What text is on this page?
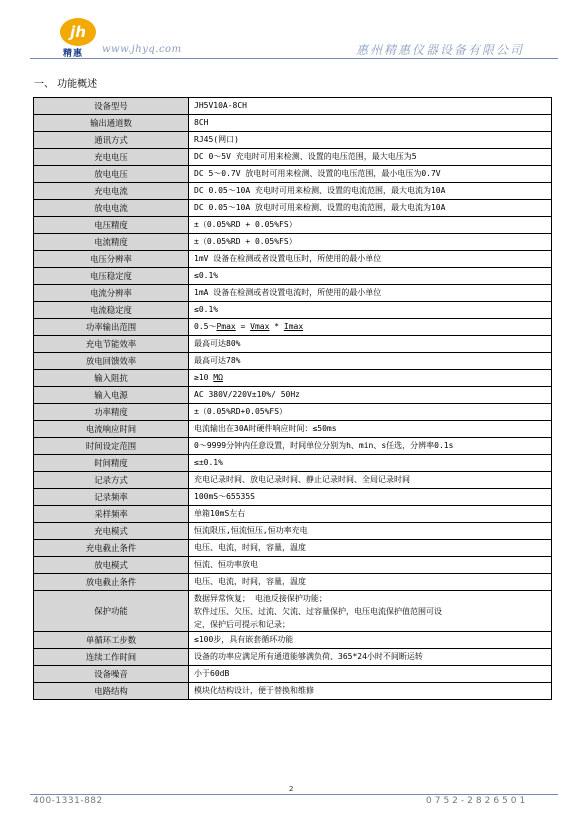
jh
精惠 www.jhyq.com	惠州精惠仪器设备有限公司
一、 功能概述
设备型号	JH5V10A-8CH
输出通道数	8CH
通讯方式	RJ45(网口)
充电电压	DC 0～5V 充电时可用来检测、设置的电压范围，最大电压为5
放电电压	DC 5～0.7V 放电时可用来检测、设置的电压范围，最小电压为0.7V
充电电流	DC 0.05～10A 充电时可用来检测、设置的电流范围，最大电流为10A
放电电流	DC 0.05～10A 放电时可用来检测、设置的电流范围，最大电流为10A
电压精度	±（0.05%RD + 0.05%FS）
电流精度	±（0.05%RD + 0.05%FS）
电压分辨率	1mV 设备在检测或者设置电压时，所使用的最小单位
电压稳定度	≤0.1%
电流分辨率	1mA 设备在检测或者设置电流时，所使用的最小单位
电流稳定度	≤0.1%
功率输出范围	0.5～Pmax = Vmax * Imax
充电节能效率	最高可达80%
放电回馈效率	最高可达78%
输入阻抗	≥10 MΩ
输入电源	AC 380V/220V±10%/ 50Hz
功率精度	±（0.05%RD+0.05%FS）
电流响应时间	电流输出在30A时硬件响应时间：≤50ms
时间设定范围	0～9999分钟内任意设置，时间单位分别为h、min、s任选，分辨率0.1s
时间精度	≤±0.1%
记录方式	充电记录时间、放电记录时间、静止记录时间、全局记录时间
记录频率	100mS～65535S
采样频率	单箱10mS左右
充电模式	恒流限压,恒流恒压,恒功率充电
充电截止条件	电压、电流，时间，容量，温度
放电模式	恒流、恒功率放电
放电截止条件	电压、电流，时间，容量，温度
保护功能	数据异常恢复； 电池反接保护功能；
软件过压、欠压、过流、欠流、过容量保护，电压电流保护值范围可设
定，保护后可提示和记录；

单循环工步数	≤100步，具有嵌套循环功能
连续工作时间	设备的功率应满足所有通道能够满负荷、365*24小时不间断运转
设备噪音	小于60dB
电路结构	模块化结构设计，便于替换和维修
2
400-1331-882	0752-2826501
